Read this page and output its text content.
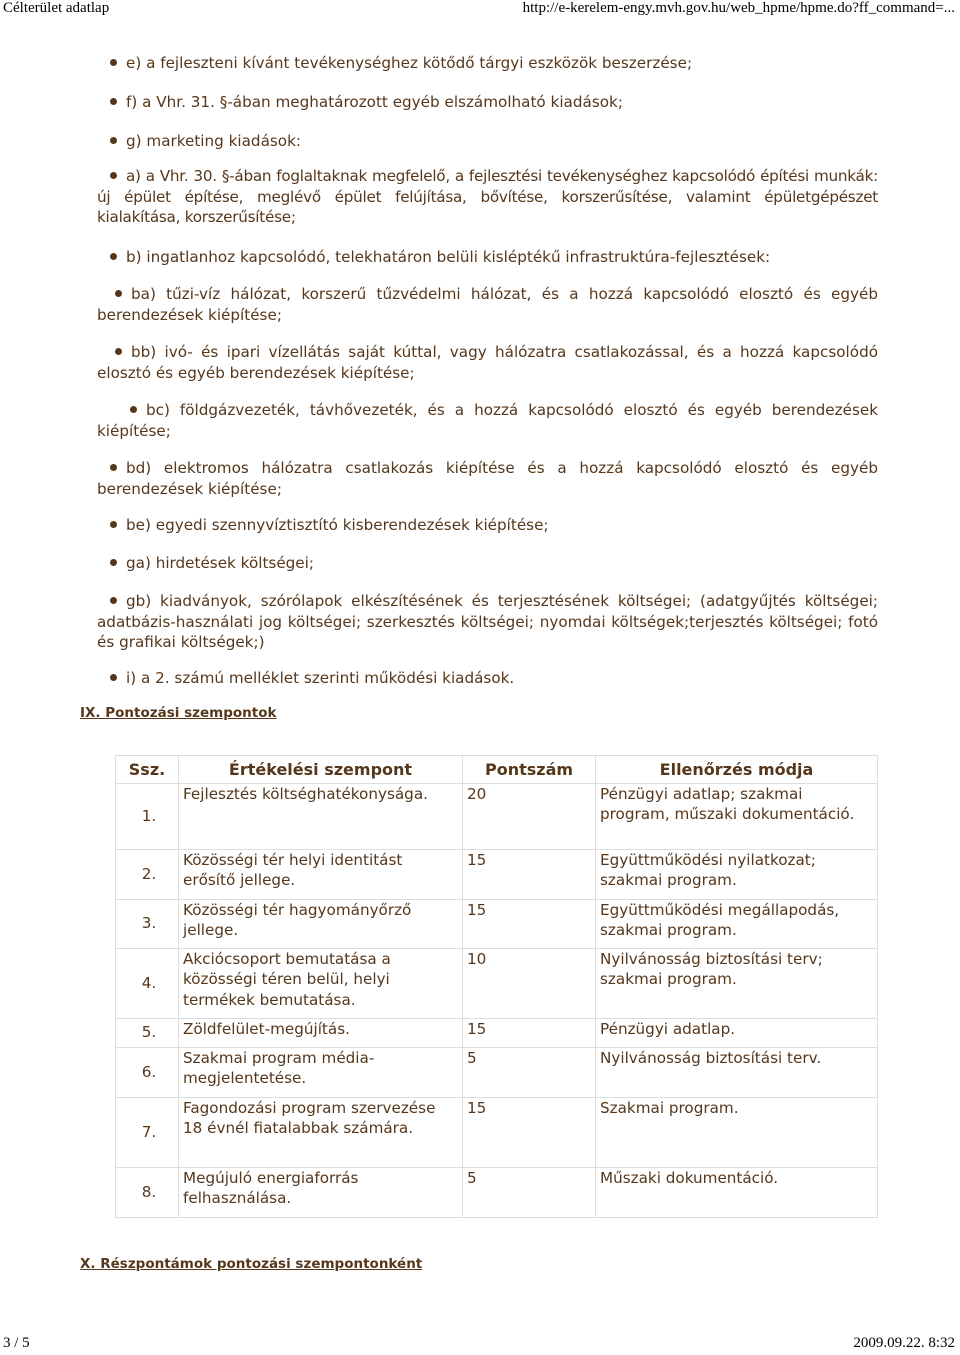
Célterület adatlap	http://e-kerelem-engy.mvh.gov.hu/web_hpme/hpme.do?ff_command=...
e) a fejleszteni kívánt tevékenységhez kötődő tárgyi eszközök beszerzése;
f) a Vhr. 31. §-ában meghatározott egyéb elszámolható kiadások;
g) marketing kiadások:
a) a Vhr. 30. §-ában foglaltaknak megfelelő, a fejlesztési tevékenységhez kapcsolódó építési munkák: új épület építése, meglévő épület felújítása, bővítése, korszerűsítése, valamint épületgépészet kialakítása, korszerűsítése;
b) ingatlanhoz kapcsolódó, telekhatáron belüli kisléptékű infrastruktúra-fejlesztések:
ba) tűzi-víz hálózat, korszerű tűzvédelmi hálózat, és a hozzá kapcsolódó elosztó és egyéb berendezések kiépítése;
bb) ivó- és ipari vízellátás saját kúttal, vagy hálózatra csatlakozással, és a hozzá kapcsolódó elosztó és egyéb berendezések kiépítése;
bc) földgázvezeték, távhővezeték, és a hozzá kapcsolódó elosztó és egyéb berendezések kiépítése;
bd) elektromos hálózatra csatlakozás kiépítése és a hozzá kapcsolódó elosztó és egyéb berendezések kiépítése;
be) egyedi szennyvíztisztító kisberendezések kiépítése;
ga) hirdetések költségei;
gb) kiadványok, szórólapok elkészítésének és terjesztésének költségei; (adatgyűjtés költségei; adatbázis-használati jog költségei; szerkesztés költségei; nyomdai költségek;terjesztés költségei; fotó és grafikai költségek;)
i) a 2. számú melléklet szerinti működési kiadások.
IX. Pontozási szempontok
Ssz.	Értékelési szempont	Pontszám	Ellenőrzés módja
1.	Fejlesztés költséghatékonysága.	20	Pénzügyi adatlap; szakmai program, műszaki dokumentáció.
2.	Közösségi tér helyi identitást erősítő jellege.	15	Együttműködési nyilatkozat; szakmai program.
3.	Közösségi tér hagyományőrző jellege.	15	Együttműködési megállapodás, szakmai program.
4.	Akciócsoport bemutatása a közösségi téren belül, helyi termékek bemutatása.	10	Nyilvánosság biztosítási terv; szakmai program.
5.	Zöldfelület-megújítás.	15	Pénzügyi adatlap.
6.	Szakmai program média-megjelentetése.	5	Nyilvánosság biztosítási terv.
7.	Fagondozási program szervezése 18 évnél fiatalabbak számára.	15	Szakmai program.
8.	Megújuló energiaforrás felhasználása.	5	Műszaki dokumentáció.
X. Részpontámok pontozási szempontonként
3 / 5	2009.09.22. 8:32
